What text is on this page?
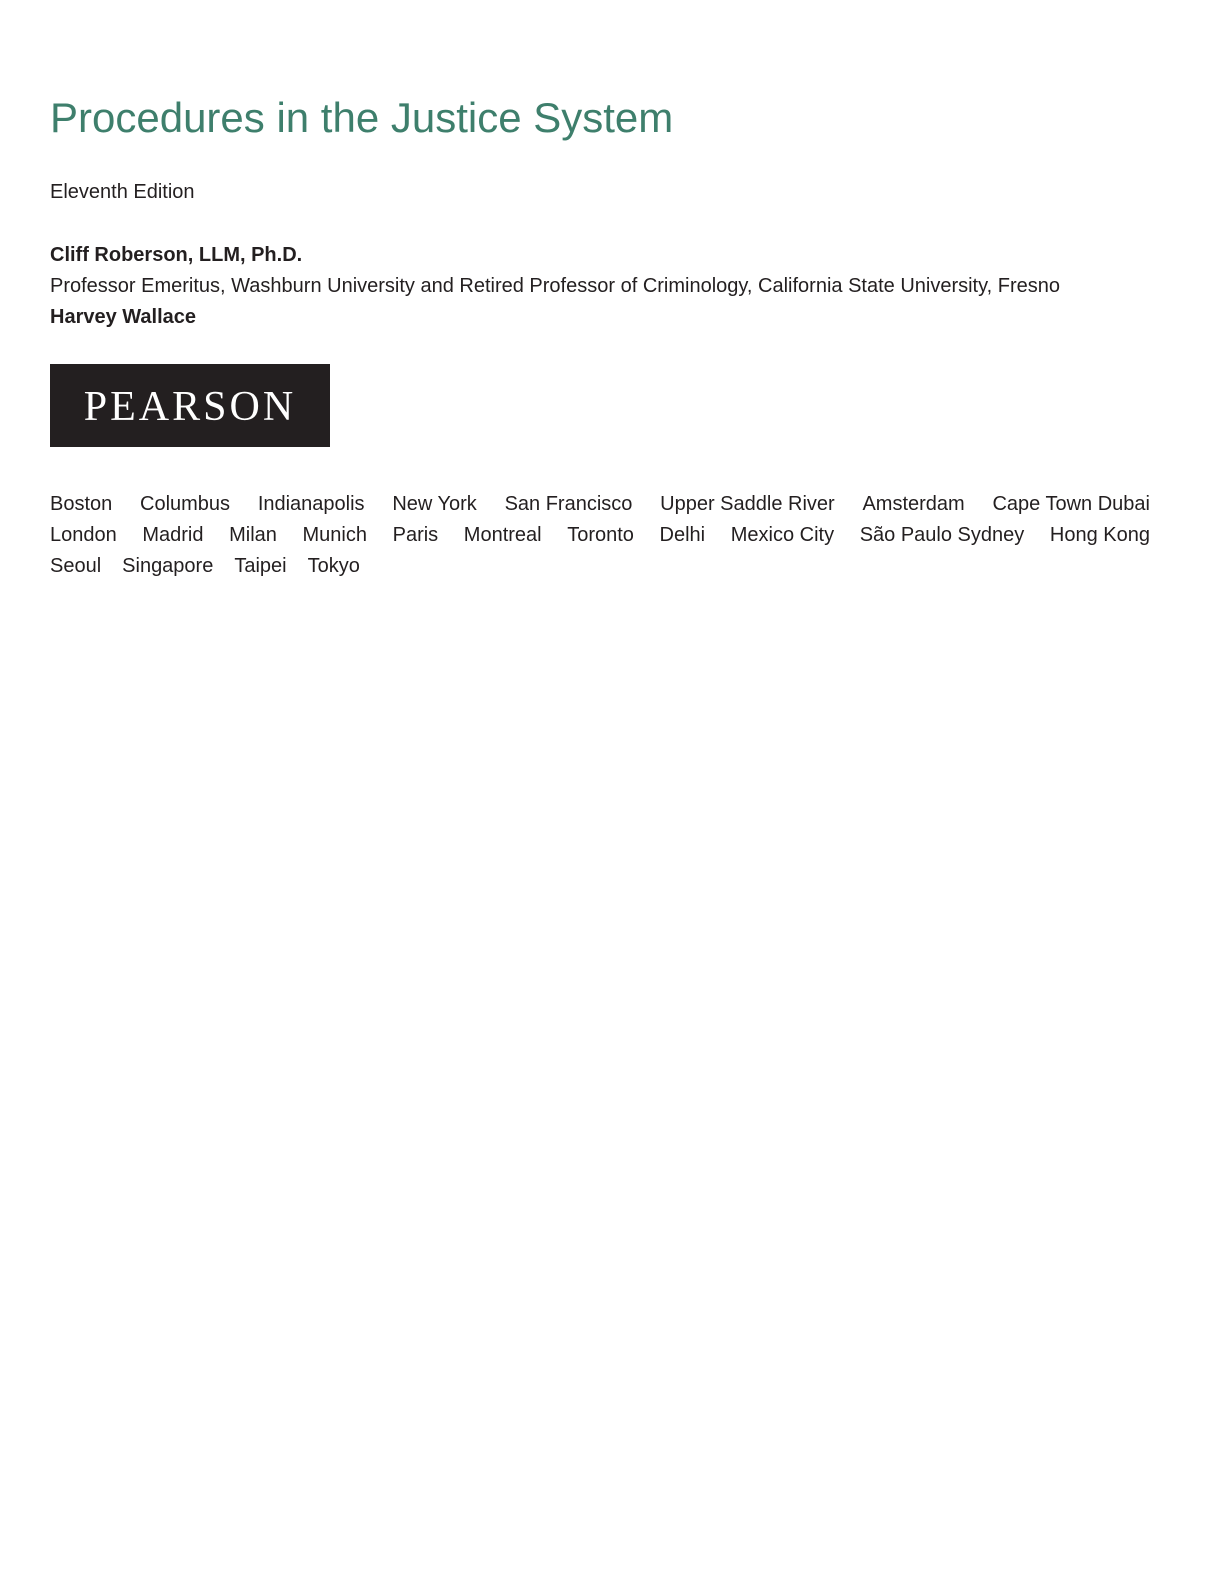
Procedures in the Justice System
Eleventh Edition
Cliff Roberson, LLM, Ph.D.
Professor Emeritus, Washburn University and Retired Professor of Criminology, California State University, Fresno
Harvey Wallace
PEARSON
Boston Columbus Indianapolis New York San Francisco Upper Saddle River Amsterdam Cape Town Dubai
London Madrid Milan Munich Paris Montreal Toronto Delhi Mexico City São Paulo Sydney Hong Kong
Seoul Singapore Taipei Tokyo
